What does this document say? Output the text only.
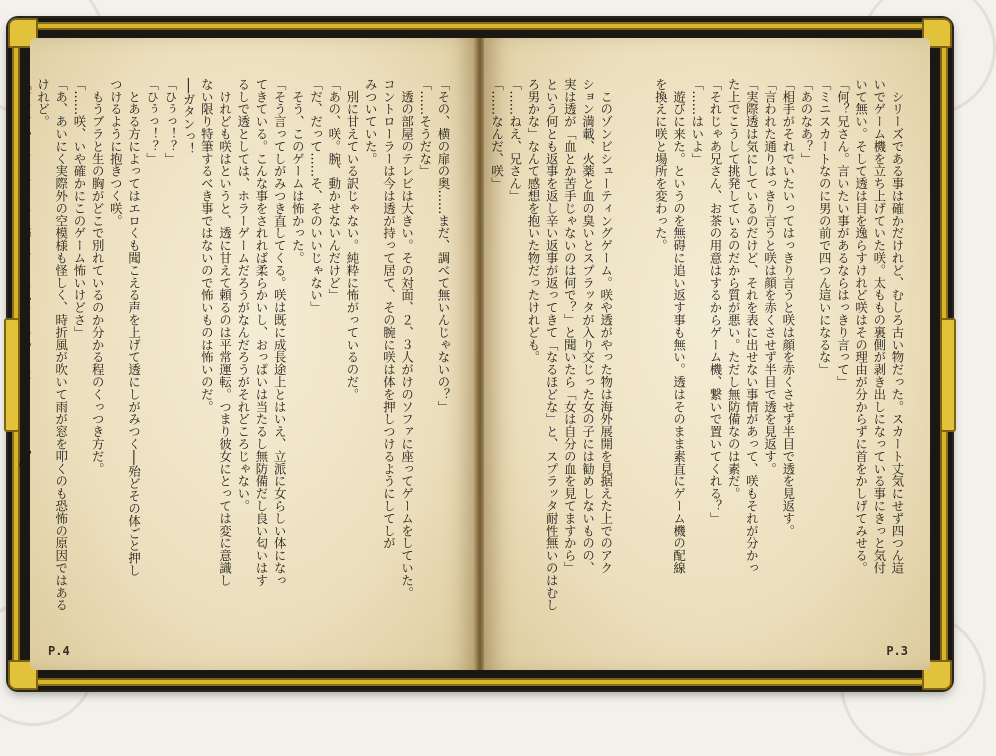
「その、横の扉の奥……まだ、調べて無いんじゃないの？」
「……そうだな」
　透の部屋のテレビは大きい。その対面、２、３人がけのソファに座ってゲームをしていた。
コントローラーは今は透が持って居て、その腕に咲は体を押しつけるようにしてしが
みついていた。
　別に甘えている訳じゃない。純粋に怖がっているのだ。
「あの、咲。腕、動かせないんだけど」
「だ、だって……そ、そのいいじゃない」
　そう、このゲームは怖かった。
「そう言ってしがみつき直してくる。咲は既に成長途上とはいえ、立派に女らしい体になっ
てきている。こんな事をされれば柔らかいし、おっぱいは当たるし無防備だし良い匂いはす
るしで透としては、ホラーゲームだろうがなんだろうがそれどころじゃない。
　けれども咲はというと、透に甘えて頼るのは平常運転。つまり彼女にとっては変に意識し
ない限り特筆するべき事ではないので怖いものは怖いのだ。
──ガタンっ！
「ひぅっ！？」
「ひぅっ！？」
　とある方によってはエロくも聞こえる声を上げて透にしがみつく──殆どその体ごと押し
つけるように抱きつく咲。
　もうブラと生の胸がどこで別れているのか分かる程のくっつき方だ。
「……咲、いや確かにこのゲーム怖いけどさ」
「あ、あいにく実際外の空模様も怪しく、時折風が吹いて雨が窓を叩くのも恐怖の原因ではある
けれど。
「だ、だって、こ、こんな怖さだとは思わなかったんだもの……！？」
P.4
　シリーズである事は確かだけれど、むしろ古い物だった。スカート丈気にせず四つん這
いでゲーム機を立ち上げていた咲。太ももの裏側が剥き出しになっている事にきっと気付
いて無い。そして透は目を逸らすけれど咲はその理由が分からずに首をかしげてみせる。
「何？兄さん。言いたい事があるならはっきり言って」
「ミニスカートなのに男の前で四つん這いになるな」
「あのなあ？」
「相手がそれでいたいってはっきり言うと咲は顔を赤くさせず半目で透を見返す。
「言われた通りはっきり言うと咲は顔を赤くさせず半目で透を見返す。
「実際透は気にしているのだけど、それを表に出せない事情があって、咲もそれが分かっ
た上でこうして挑発しているのだから質が悪い。ただし無防備なのは素だ。
「それじゃあ兄さん、お茶の用意はするからゲーム機、繋いで置いてくれる？」
「……はいよ」
　遊びに来た。というのを無碍に追い返す事も無い。透はそのまま素直にゲーム機の配線
を換えに咲と場所を変わった。

　このゾンビシューティングゲーム。咲や透がやった物は海外展開を見据えた上でのアク
ション満載、火薬と血の臭いとスプラッタが入り交じった女の子には勧めしないものの、
実は透が「血とか苦手じゃないのは何で？」と聞いたら「女は自分の血を見てますから」
という何とも返事を返し辛い返事が返ってきて「なるほどな」と、スプラッタ耐性無いのはむし
ろ男かな」なんて感想を抱いた物だったけれども。
「……ねえ、兄さん」
「……なんだ、咲」
P.3
